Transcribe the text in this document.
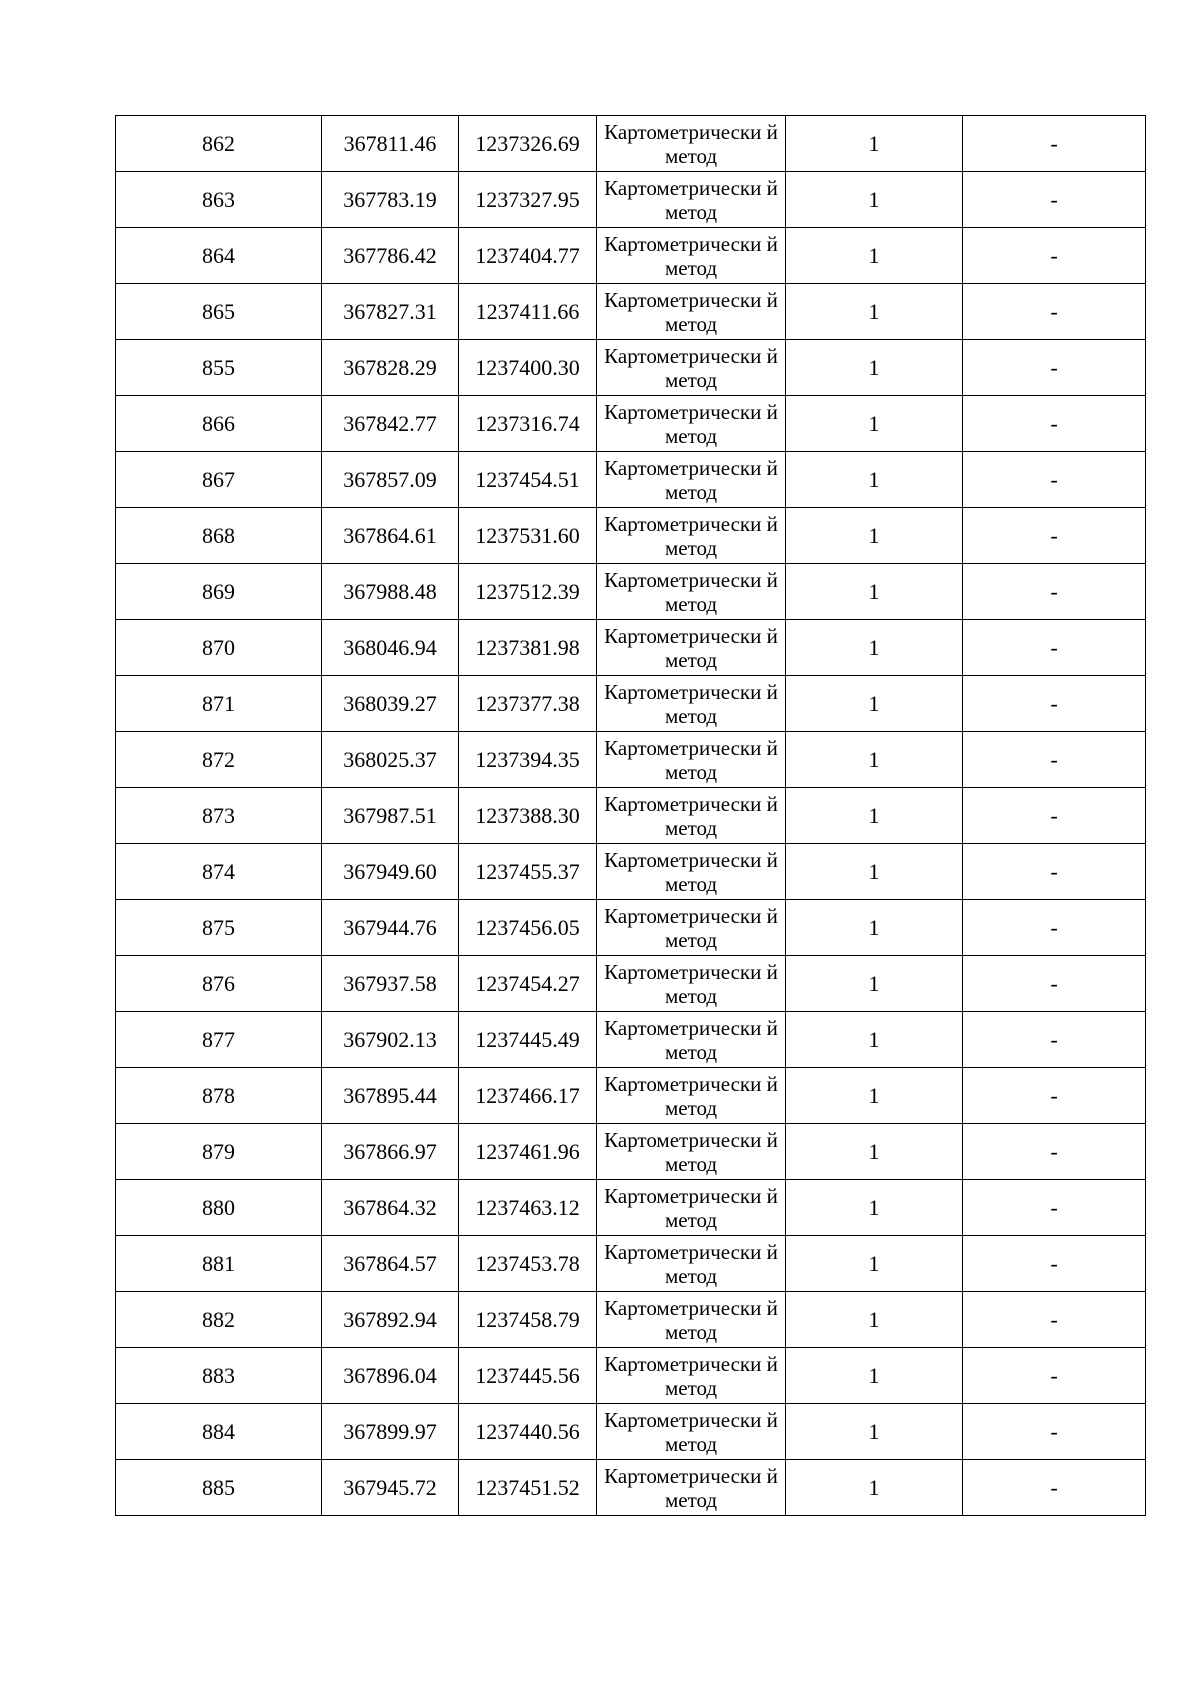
862	367811.46	1237326.69	Картометрически й метод	1	-
863	367783.19	1237327.95	Картометрически й метод	1	-
864	367786.42	1237404.77	Картометрически й метод	1	-
865	367827.31	1237411.66	Картометрически й метод	1	-
855	367828.29	1237400.30	Картометрически й метод	1	-
866	367842.77	1237316.74	Картометрически й метод	1	-
867	367857.09	1237454.51	Картометрически й метод	1	-
868	367864.61	1237531.60	Картометрически й метод	1	-
869	367988.48	1237512.39	Картометрически й метод	1	-
870	368046.94	1237381.98	Картометрически й метод	1	-
871	368039.27	1237377.38	Картометрически й метод	1	-
872	368025.37	1237394.35	Картометрически й метод	1	-
873	367987.51	1237388.30	Картометрически й метод	1	-
874	367949.60	1237455.37	Картометрически й метод	1	-
875	367944.76	1237456.05	Картометрически й метод	1	-
876	367937.58	1237454.27	Картометрически й метод	1	-
877	367902.13	1237445.49	Картометрически й метод	1	-
878	367895.44	1237466.17	Картометрически й метод	1	-
879	367866.97	1237461.96	Картометрически й метод	1	-
880	367864.32	1237463.12	Картометрически й метод	1	-
881	367864.57	1237453.78	Картометрически й метод	1	-
882	367892.94	1237458.79	Картометрически й метод	1	-
883	367896.04	1237445.56	Картометрически й метод	1	-
884	367899.97	1237440.56	Картометрически й метод	1	-
885	367945.72	1237451.52	Картометрически й метод	1	-
